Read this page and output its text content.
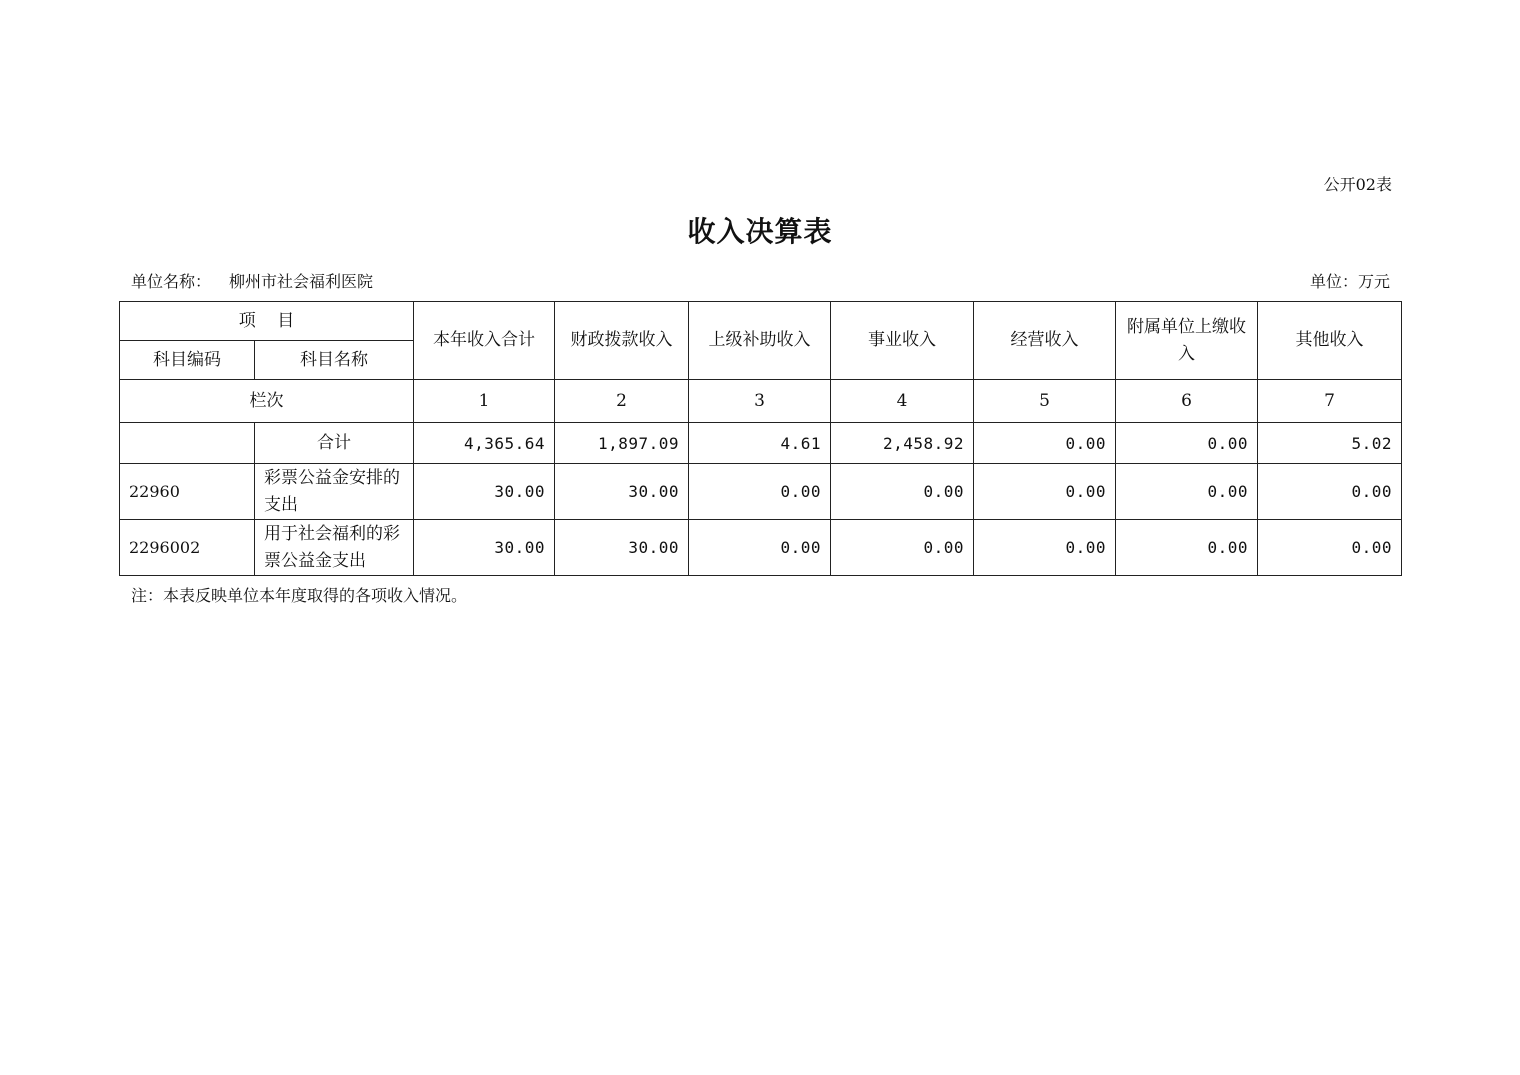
公开02表
收入决算表
单位名称： 柳州市社会福利医院	单位：万元
项    目		本年收入合计	财政拨款收入	上级补助收入	事业收入	经营收入	附属单位上缴收入	其他收入
科目编码	科目名称							
栏次		1	2	3	4	5	6	7
	合计	4,365.64	1,897.09	4.61	2,458.92	0.00	0.00	5.02
22960	彩票公益金安排的支出	30.00	30.00	0.00	0.00	0.00	0.00	0.00
2296002	用于社会福利的彩票公益金支出	30.00	30.00	0.00	0.00	0.00	0.00	0.00
注：本表反映单位本年度取得的各项收入情况。
